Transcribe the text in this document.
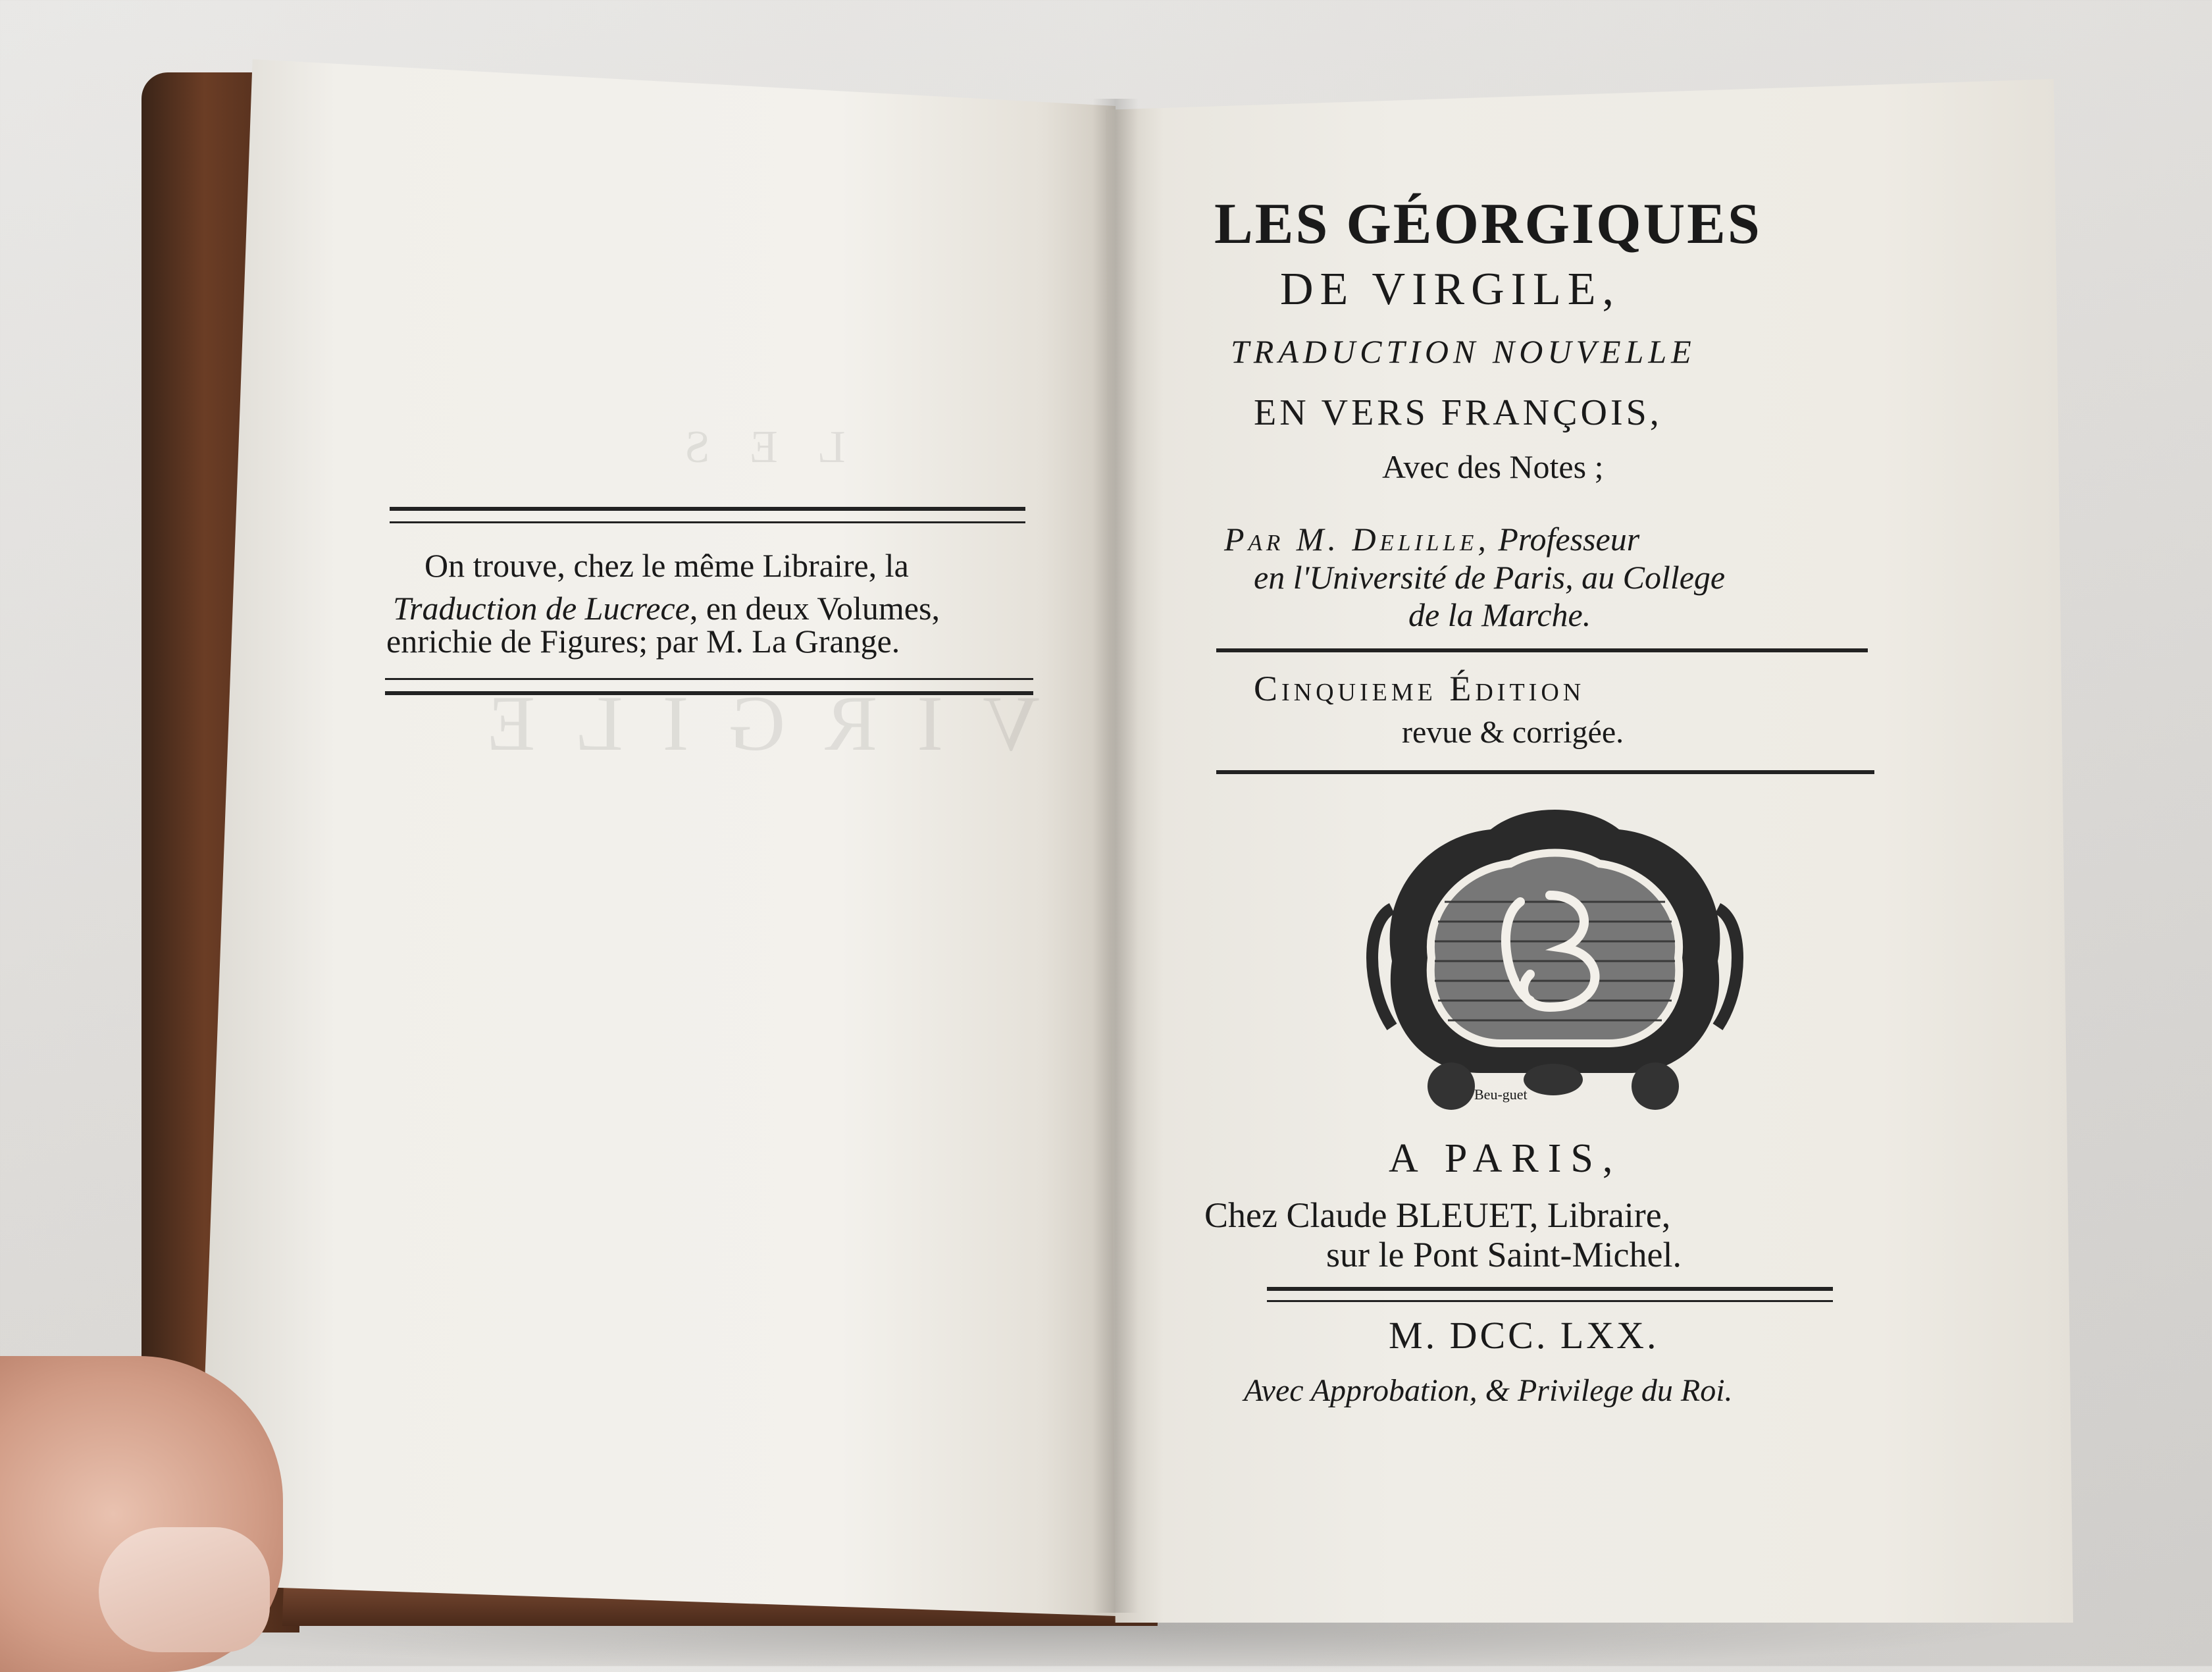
LES
VIRGILE
On trouve, chez le même Libraire, la
Traduction de Lucrece, en deux Volumes,
enrichie de Figures; par M. La Grange.
LES GÉORGIQUES
DE VIRGILE,
TRADUCTION NOUVELLE
EN VERS FRANÇOIS,
Avec des Notes ;
Par M. Delille, Professeur
en l'Université de Paris, au College
de la Marche.
Cinquieme Édition
revue & corrigée.
Beu-guet
A PARIS,
Chez Claude BLEUET, Libraire,
sur le Pont Saint-Michel.
M. DCC. LXX.
Avec Approbation, & Privilege du Roi.
